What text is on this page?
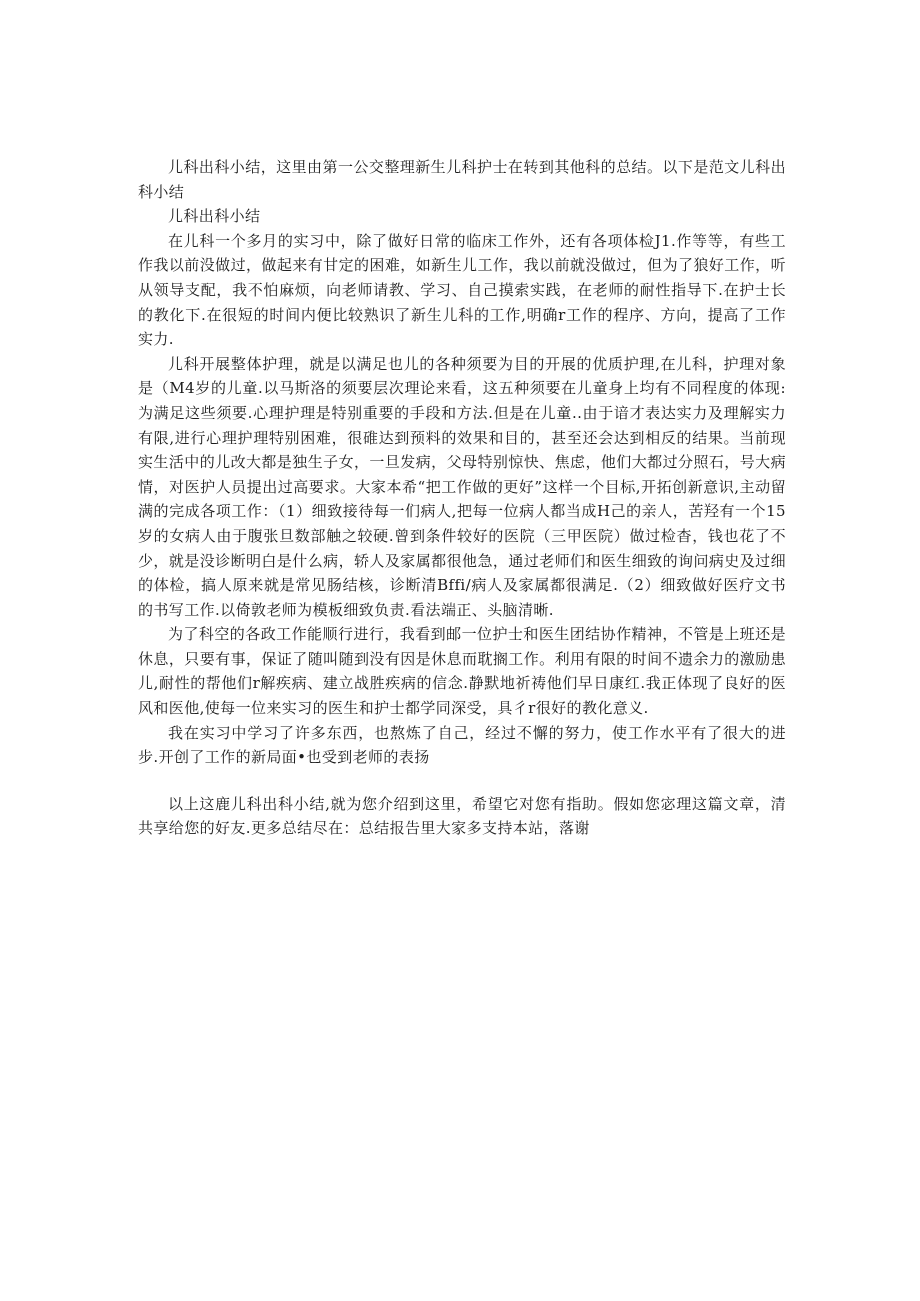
儿科出科小结，这里由第一公交整理新生儿科护士在转到其他科的总结。以下是范文儿科出科小结

儿科出科小结

在儿科一个多月的实习中，除了做好日常的临床工作外，还有各项体检J1.作等等，有些工作我以前没做过，做起来有甘定的困难，如新生儿工作，我以前就没做过，但为了狼好工作，听从领导支配，我不怕麻烦，向老师请教、学习、自己摸索实践，在老师的耐性指导下.在护士长的教化下.在很短的时间内便比较熟识了新生儿科的工作,明确r工作的程序、方向，提高了工作实力.

儿科开展整体护理，就是以满足也儿的各种须要为目的开展的优质护理,在儿科，护理对象是（M4岁的儿童.以马斯洛的须要层次理论来看，这五种须要在儿童身上均有不同程度的体现:为满足这些须要.心理护理是特别重要的手段和方法.但是在儿童..由于谙才表达实力及理解实力有限,进行心理护理特别困难，很碓达到预料的效果和目的，甚至还会达到相反的结果。当前现实生活中的儿改大都是独生子女，一旦发病，父母特别惊快、焦虑，他们大都过分照石，号大病情，对医护人员提出过高要求。大家本希“把工作做的更好”这样一个目标,开拓创新意识,主动留满的完成各项工作：（1）细致接待每一们病人,把每一位病人都当成H己的亲人，苦羟有一个15岁的女病人由于腹张旦数部触之较硬.曾到条件较好的医院（三甲医院）做过检杳，钱也花了不少，就是没诊断明白是什么病，轿人及家属都很他急，通过老师们和医生细致的询问病史及过细的体检，搞人原来就是常见肠结核，诊断清Bffi/病人及家属都很满足.（2）细致做好医疗文书的书写工作.以倚敦老师为模板细致负责.看法端正、头脑清晰.

为了科空的各政工作能顺行进行，我看到邮一位护士和医生团结协作精神，不管是上班还是休息，只要有事，保证了随叫随到没有因是休息而耽搁工作。利用有限的时间不遗余力的激励患儿,耐性的帮他们r解疾病、建立战胜疾病的信念.静默地祈祷他们早日康红.我正体现了良好的医风和医他,使每一位来实习的医生和护士都学同深受，具彳r很好的教化意义.

我在实习中学习了许多东西，也熬炼了自己，经过不懈的努力，使工作水平有了很大的进步.开创了工作的新局面•也受到老师的表扬

以上这鹿儿科出科小结,就为您介绍到这里，希望它对您有指助。假如您宓理这篇文章，清共享给您的好友.更多总结尽在：总结报告里大家多支持本站，落谢
